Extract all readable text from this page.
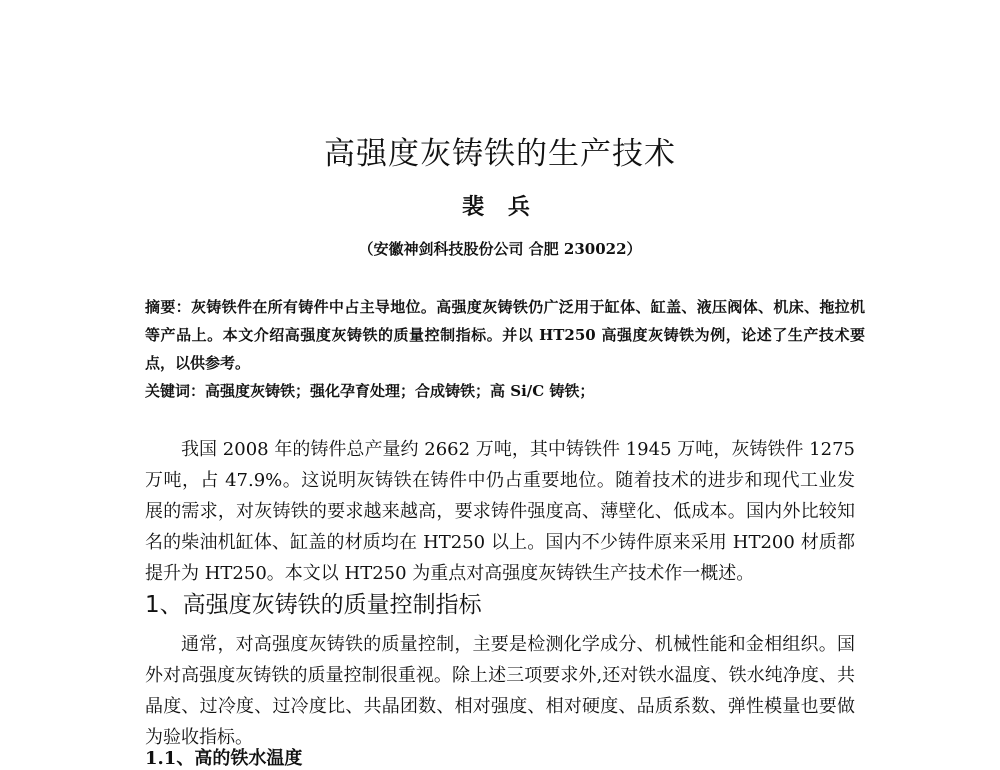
高强度灰铸铁的生产技术
裴 兵
（安徽神剑科技股份公司 合肥 230022）
摘要：灰铸铁件在所有铸件中占主导地位。高强度灰铸铁仍广泛用于缸体、缸盖、液压阀体、机床、拖拉机等产品上。本文介绍高强度灰铸铁的质量控制指标。并以 HT250 高强度灰铸铁为例，论述了生产技术要点，以供参考。
关键词：高强度灰铸铁；强化孕育处理；合成铸铁；高 Si/C 铸铁；
我国 2008 年的铸件总产量约 2662 万吨，其中铸铁件 1945 万吨，灰铸铁件 1275 万吨，占 47.9%。这说明灰铸铁在铸件中仍占重要地位。随着技术的进步和现代工业发展的需求，对灰铸铁的要求越来越高，要求铸件强度高、薄壁化、低成本。国内外比较知名的柴油机缸体、缸盖的材质均在 HT250 以上。国内不少铸件原来采用 HT200 材质都提升为 HT250。本文以 HT250 为重点对高强度灰铸铁生产技术作一概述。
1、高强度灰铸铁的质量控制指标
通常，对高强度灰铸铁的质量控制，主要是检测化学成分、机械性能和金相组织。国外对高强度灰铸铁的质量控制很重视。除上述三项要求外,还对铁水温度、铁水纯净度、共晶度、过冷度、过冷度比、共晶团数、相对强度、相对硬度、品质系数、弹性模量也要做为验收指标。
1.1、高的铁水温度
